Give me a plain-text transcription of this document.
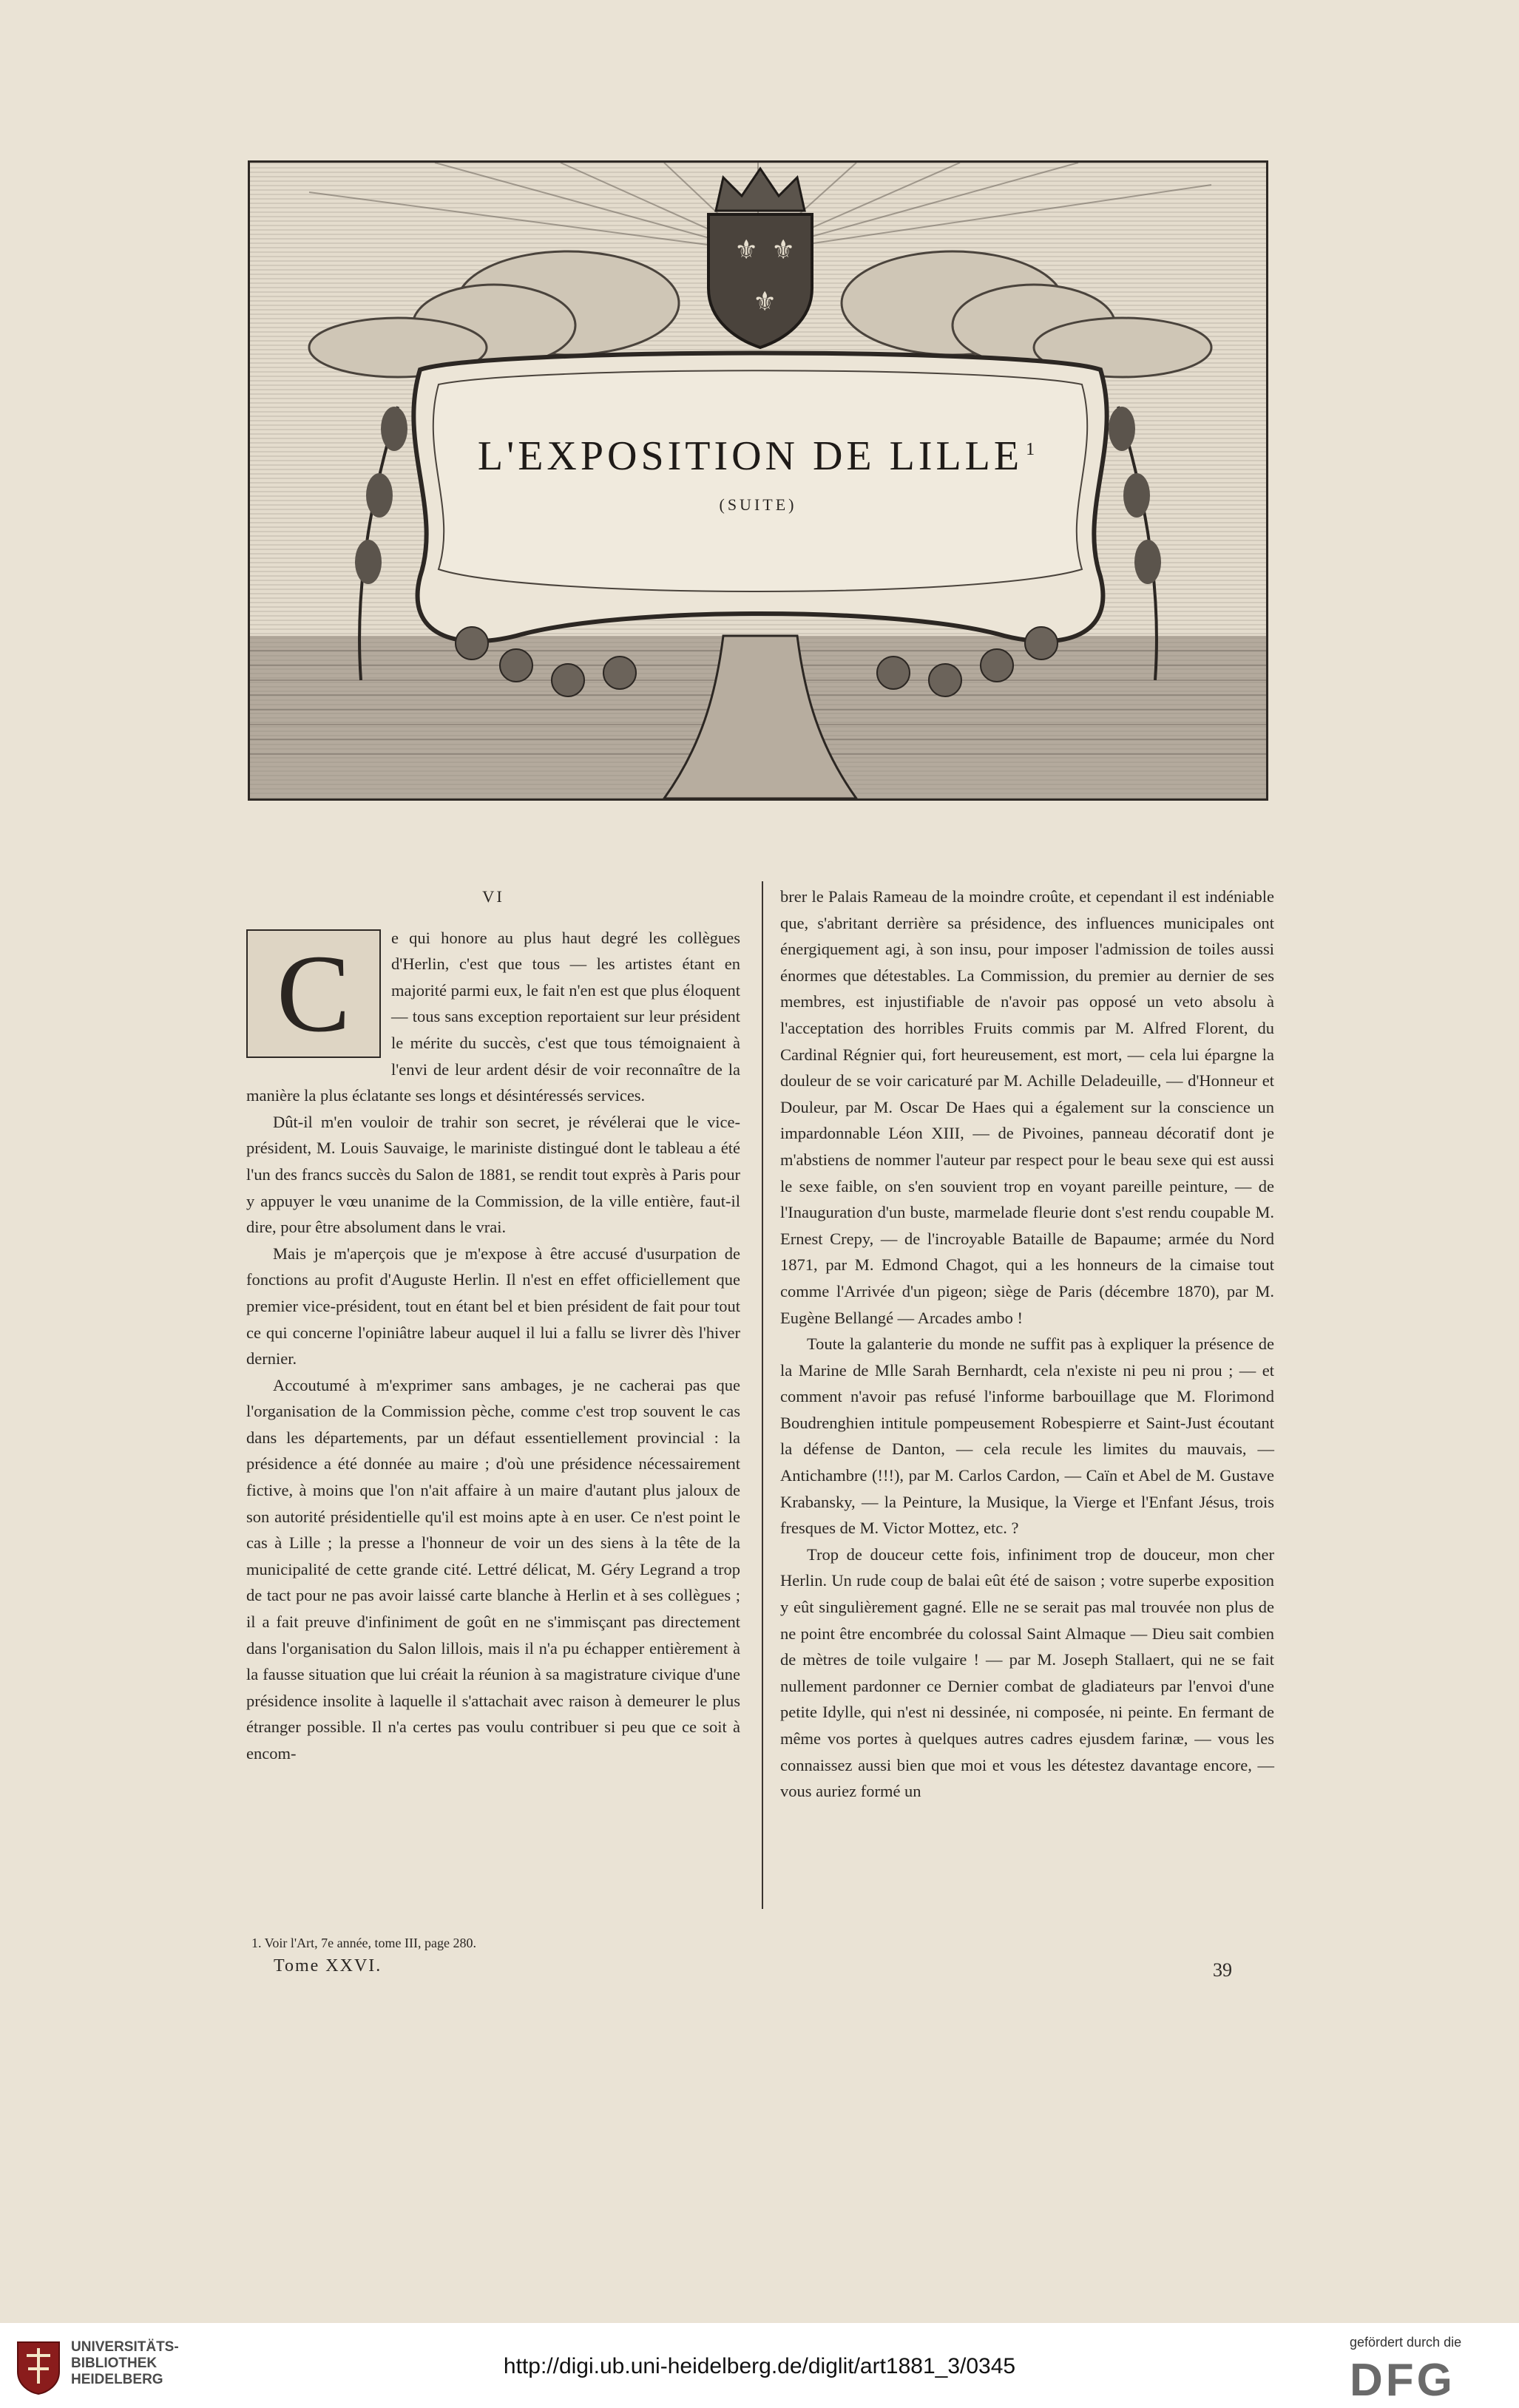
⚜ ⚜
⚜
L'EXPOSITION DE LILLE $^1$
(SUITE)

VI

C	e qui honore au plus haut degré les collègues d'Herlin, c'est que tous — les artistes étant en majorité parmi eux, le fait n'en est que plus éloquent — tous sans exception reportaient sur leur président le mérite du succès, c'est que tous témoignaient à l'envi de leur ardent désir de voir reconnaître de la manière la plus éclatante ses longs et désintéressés services.

Dût-il m'en vouloir de trahir son secret, je révélerai que le vice-président, M. Louis Sauvaige, le mariniste distingué dont le tableau a été l'un des francs succès du Salon de 1881, se rendit tout exprès à Paris pour y appuyer le vœu unanime de la Commission, de la ville entière, faut-il dire, pour être absolument dans le vrai.

Mais je m'aperçois que je m'expose à être accusé d'usurpation de fonctions au profit d'Auguste Herlin. Il n'est en effet officiellement que premier vice-président, tout en étant bel et bien président de fait pour tout ce qui concerne l'opiniâtre labeur auquel il lui a fallu se livrer dès l'hiver dernier.

Accoutumé à m'exprimer sans ambages, je ne cacherai pas que l'organisation de la Commission pèche, comme c'est trop souvent le cas dans les départements, par un défaut essentiellement provincial : la présidence a été donnée au maire ; d'où une présidence nécessairement fictive, à moins que l'on n'ait affaire à un maire d'autant plus jaloux de son autorité présidentielle qu'il est moins apte à en user. Ce n'est point le cas à Lille ; la presse a l'honneur de voir un des siens à la tête de la municipalité de cette grande cité. Lettré délicat, M. Géry Legrand a trop de tact pour ne pas avoir laissé carte blanche à Herlin et à ses collègues ; il a fait preuve d'infiniment de goût en ne s'immisçant pas directement dans l'organisation du Salon lillois, mais il n'a pu échapper entièrement à la fausse situation que lui créait la réunion à sa magistrature civique d'une présidence insolite à laquelle il s'attachait avec raison à demeurer le plus étranger possible. Il n'a certes pas voulu contribuer si peu que ce soit à encom-

brer le Palais Rameau de la moindre croûte, et cependant il est indéniable que, s'abritant derrière sa présidence, des influences municipales ont énergiquement agi, à son insu, pour imposer l'admission de toiles aussi énormes que détestables. La Commission, du premier au dernier de ses membres, est injustifiable de n'avoir pas opposé un veto absolu à l'acceptation des horribles Fruits commis par M. Alfred Florent, du Cardinal Régnier qui, fort heureusement, est mort, — cela lui épargne la douleur de se voir caricaturé par M. Achille Deladeuille, — d'Honneur et Douleur, par M. Oscar De Haes qui a également sur la conscience un impardonnable Léon XIII, — de Pivoines, panneau décoratif dont je m'abstiens de nommer l'auteur par respect pour le beau sexe qui est aussi le sexe faible, on s'en souvient trop en voyant pareille peinture, — de l'Inauguration d'un buste, marmelade fleurie dont s'est rendu coupable M. Ernest Crepy, — de l'incroyable Bataille de Bapaume; armée du Nord 1871, par M. Edmond Chagot, qui a les honneurs de la cimaise tout comme l'Arrivée d'un pigeon; siège de Paris (décembre 1870), par M. Eugène Bellangé — Arcades ambo !

Toute la galanterie du monde ne suffit pas à expliquer la présence de la Marine de Mlle Sarah Bernhardt, cela n'existe ni peu ni prou ; — et comment n'avoir pas refusé l'informe barbouillage que M. Florimond Boudrenghien intitule pompeusement Robespierre et Saint-Just écoutant la défense de Danton, — cela recule les limites du mauvais, — Antichambre (!!!), par M. Carlos Cardon, — Caïn et Abel de M. Gustave Krabansky, — la Peinture, la Musique, la Vierge et l'Enfant Jésus, trois fresques de M. Victor Mottez, etc. ?

Trop de douceur cette fois, infiniment trop de douceur, mon cher Herlin. Un rude coup de balai eût été de saison ; votre superbe exposition y eût singulièrement gagné. Elle ne se serait pas mal trouvée non plus de ne point être encombrée du colossal Saint Almaque — Dieu sait combien de mètres de toile vulgaire ! — par M. Joseph Stallaert, qui ne se fait nullement pardonner ce Dernier combat de gladiateurs par l'envoi d'une petite Idylle, qui n'est ni dessinée, ni composée, ni peinte. En fermant de même vos portes à quelques autres cadres ejusdem farinæ, — vous les connaissez aussi bien que moi et vous les détestez davantage encore, — vous auriez formé un

1. Voir l'Art, 7e année, tome III, page 280.
Tome XXVI.	39
UNIVERSITÄTS-
BIBLIOTHEK
HEIDELBERG
http://digi.ub.uni-heidelberg.de/diglit/art1881_3/0345
gefördert durch die
DFG
